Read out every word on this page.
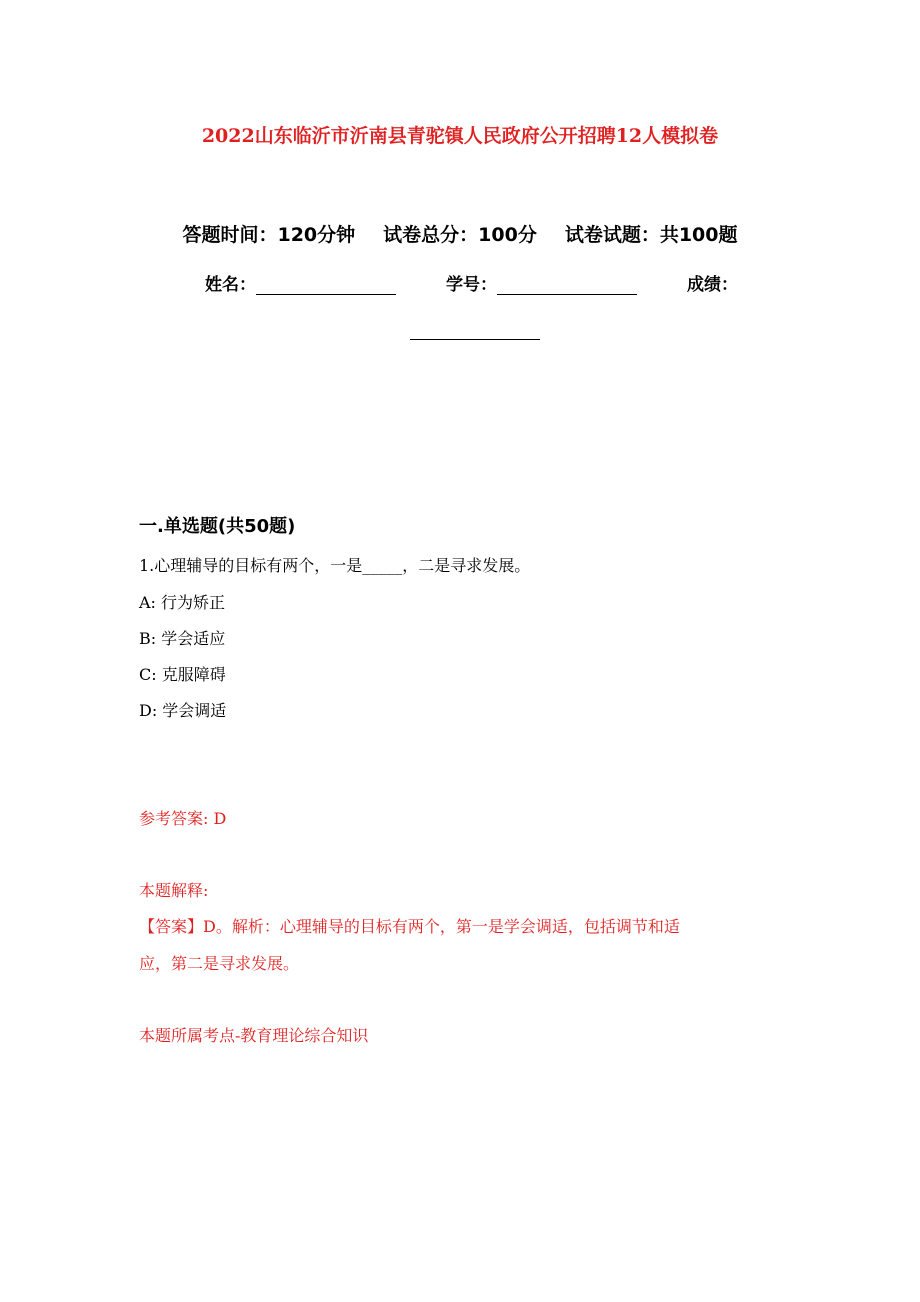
2022山东临沂市沂南县青驼镇人民政府公开招聘12人模拟卷
答题时间：120分钟 试卷总分：100分 试卷试题：共100题
姓名：	学号：	成绩：
一.单选题(共50题)
1.心理辅导的目标有两个，一是_____，二是寻求发展。
A: 行为矫正
B: 学会适应
C: 克服障碍
D: 学会调适
参考答案: D
本题解释:
【答案】D。解析：心理辅导的目标有两个，第一是学会调适，包括调节和适
应，第二是寻求发展。
本题所属考点-教育理论综合知识
